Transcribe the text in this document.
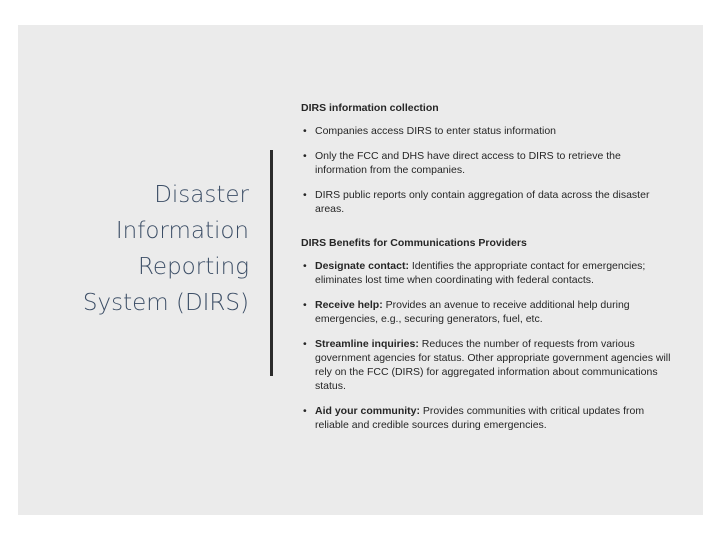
Disaster
Information
Reporting
System (DIRS)

DIRS information collection

• Companies access DIRS to enter status information
• Only the FCC and DHS have direct access to DIRS to retrieve the information from the companies.
• DIRS public reports only contain aggregation of data across the disaster areas.

DIRS Benefits for Communications Providers

• Designate contact: Identifies the appropriate contact for emergencies; eliminates lost time when coordinating with federal contacts.
• Receive help: Provides an avenue to receive additional help during emergencies, e.g., securing generators, fuel, etc.
• Streamline inquiries: Reduces the number of requests from various government agencies for status. Other appropriate government agencies will rely on the FCC (DIRS) for aggregated information about communications status.
• Aid your community: Provides communities with critical updates from reliable and credible sources during emergencies.
